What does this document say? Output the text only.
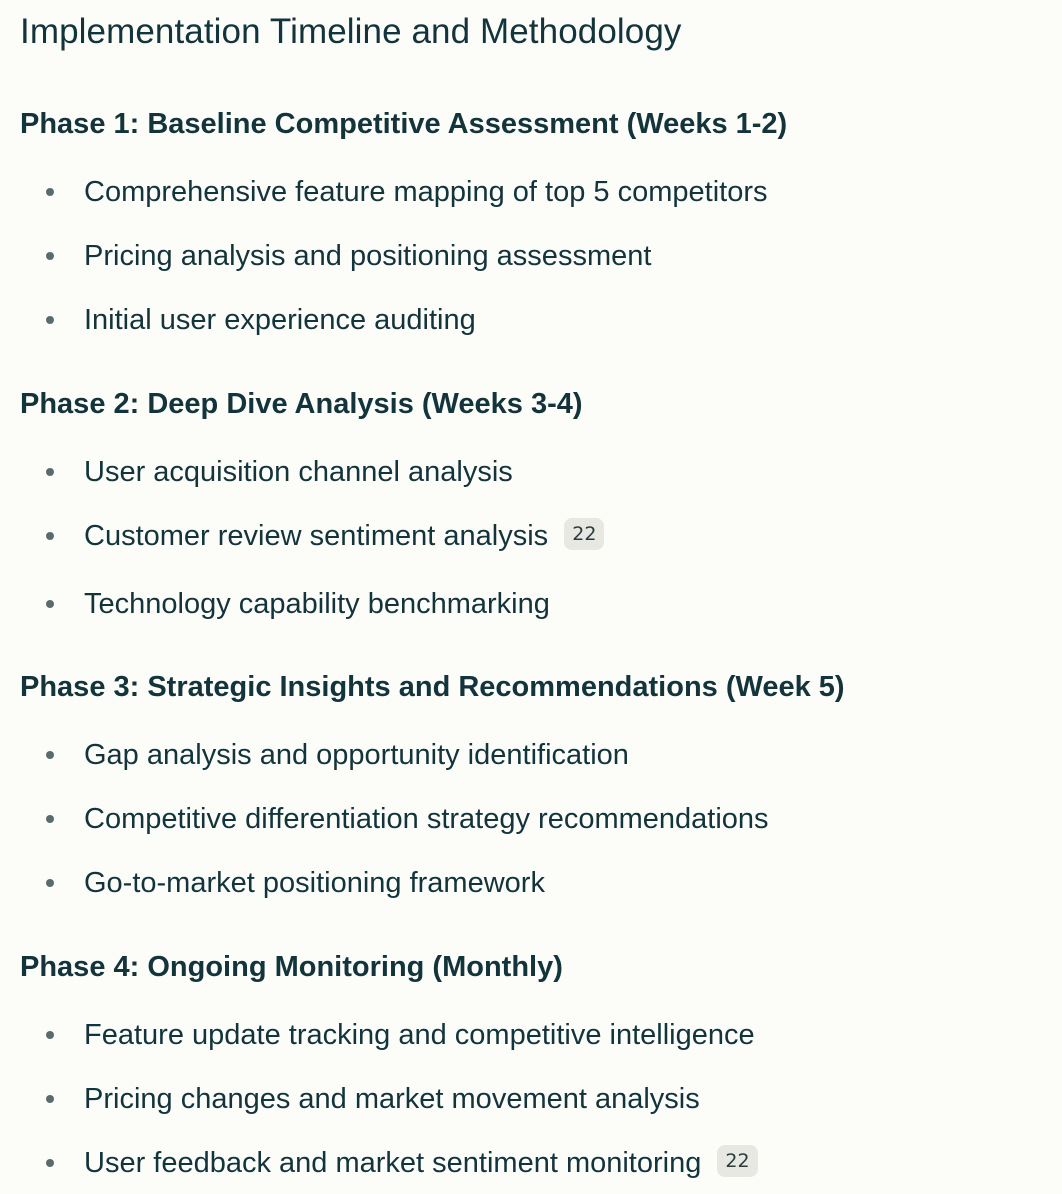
Implementation Timeline and Methodology
Phase 1: Baseline Competitive Assessment (Weeks 1-2)
Comprehensive feature mapping of top 5 competitors
Pricing analysis and positioning assessment
Initial user experience auditing
Phase 2: Deep Dive Analysis (Weeks 3-4)
User acquisition channel analysis
Customer review sentiment analysis 22
Technology capability benchmarking
Phase 3: Strategic Insights and Recommendations (Week 5)
Gap analysis and opportunity identification
Competitive differentiation strategy recommendations
Go-to-market positioning framework
Phase 4: Ongoing Monitoring (Monthly)
Feature update tracking and competitive intelligence
Pricing changes and market movement analysis
User feedback and market sentiment monitoring 22
